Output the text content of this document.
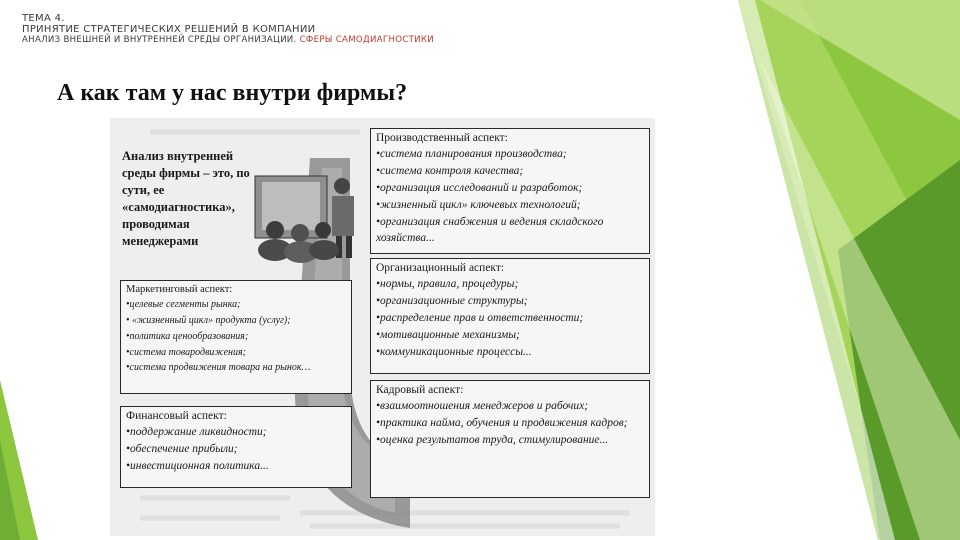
ТЕМА 4.
ПРИНЯТИЕ СТРАТЕГИЧЕСКИХ РЕШЕНИЙ В КОМПАНИИ
АНАЛИЗ ВНЕШНЕЙ И ВНУТРЕННЕЙ СРЕДЫ ОРГАНИЗАЦИИ. СФЕРЫ САМОДИАГНОСТИКИ
А как там у нас внутри фирмы?
Анализ внутренней среды фирмы – это, по сути, ее «самодиагностика», проводимая менеджерами
Производственный аспект:
•система планирования производства;
•система контроля качества;
•организация исследований и разработок;
•жизненный цикл» ключевых технологий;
•организация снабжения и ведения складского хозяйства...
Маркетинговый аспект:
•целевые сегменты рынка;
• «жизненный цикл» продукта (услуг);
•политика ценообразования;
•система товародвижения;
•система продвижения товара на рынок…
Организационный аспект:
•нормы, правила, процедуры;
•организационные структуры;
•распределение прав и ответственности;
•мотивационные механизмы;
•коммуникационные процессы...
Финансовый аспект:
•поддержание ликвидности;
•обеспечение прибыли;
•инвестиционная политика...
Кадровый аспект:
•взаимоотношения менеджеров и рабочих;
•практика найма, обучения и продвижения кадров;
•оценка результатов труда, стимулирование...
